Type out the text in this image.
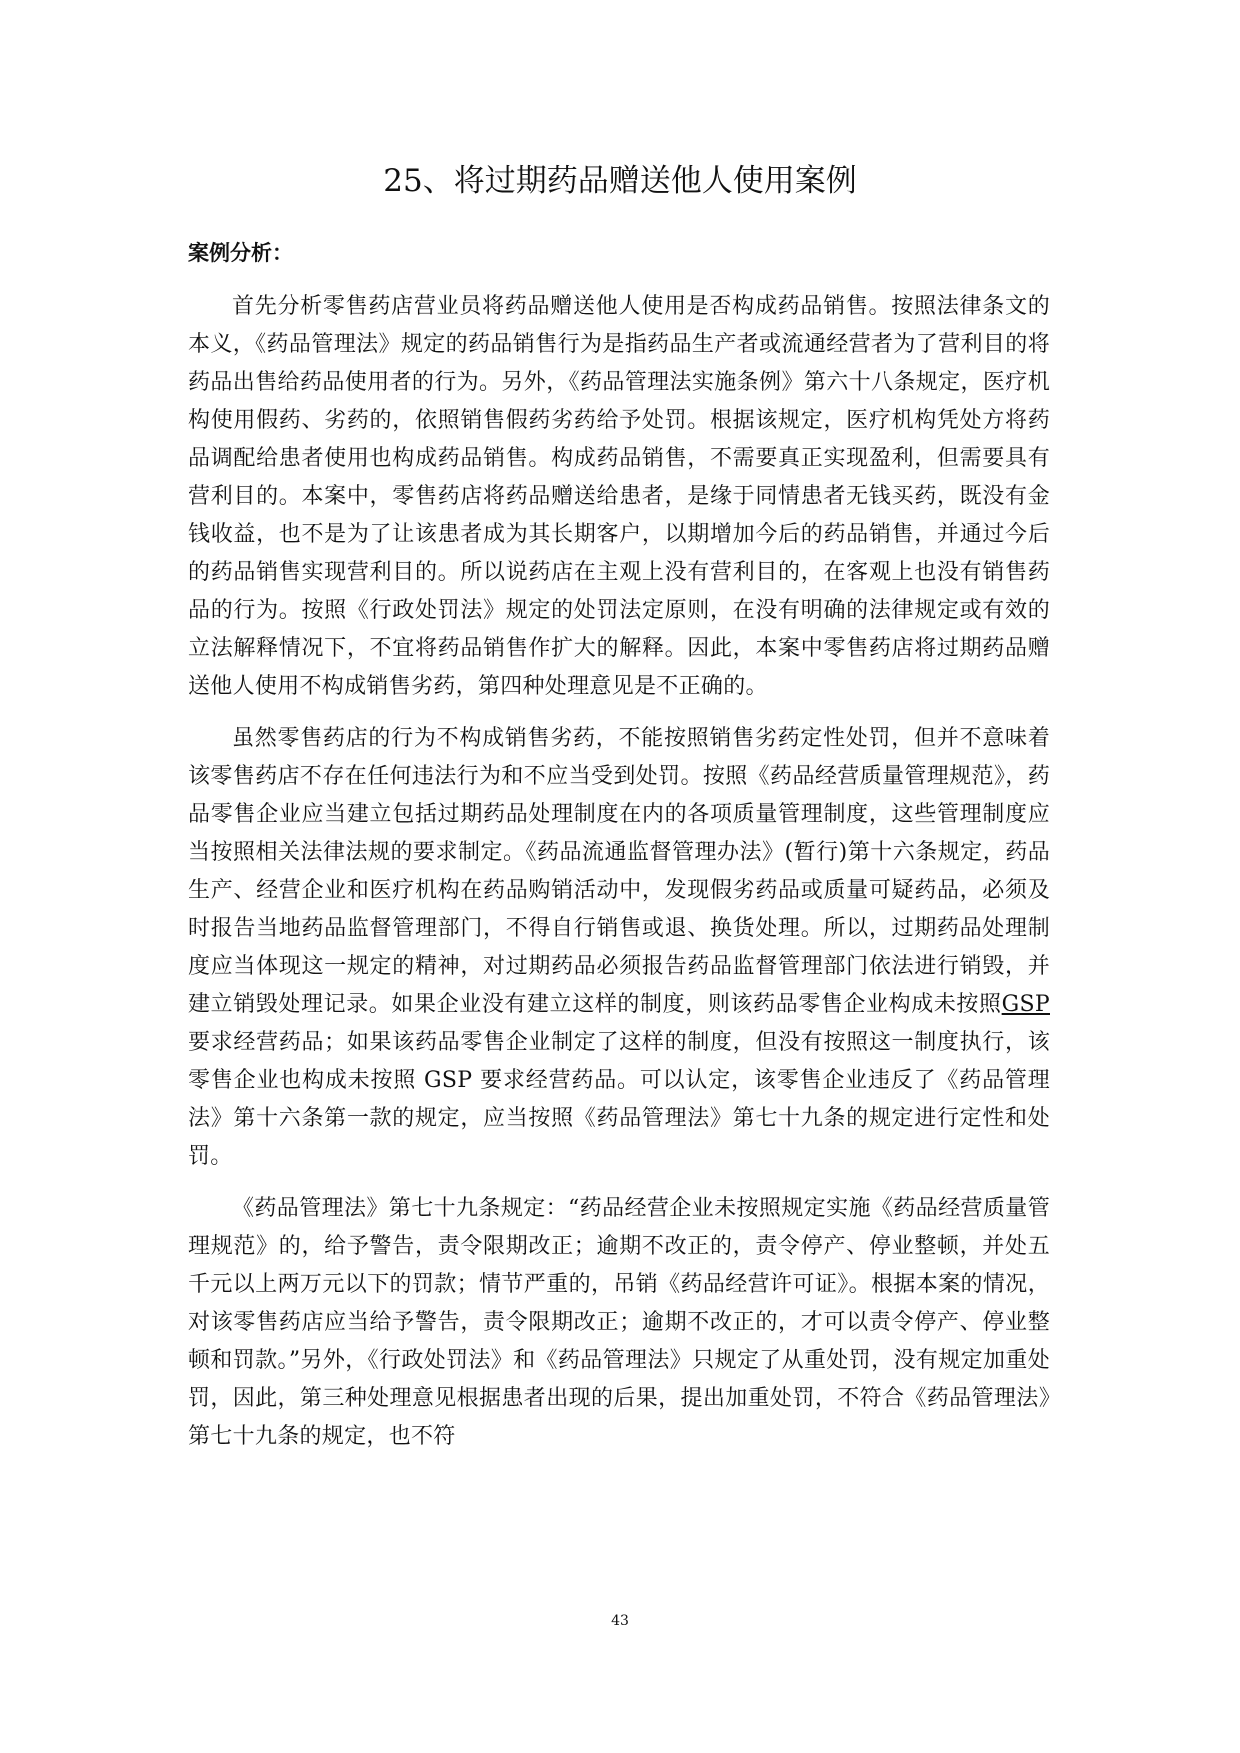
25、将过期药品赠送他人使用案例
案例分析：

首先分析零售药店营业员将药品赠送他人使用是否构成药品销售。按照法律条文的本义，《药品管理法》规定的药品销售行为是指药品生产者或流通经营者为了营利目的将药品出售给药品使用者的行为。另外，《药品管理法实施条例》第六十八条规定，医疗机构使用假药、劣药的，依照销售假药劣药给予处罚。根据该规定，医疗机构凭处方将药品调配给患者使用也构成药品销售。构成药品销售，不需要真正实现盈利，但需要具有营利目的。本案中，零售药店将药品赠送给患者，是缘于同情患者无钱买药，既没有金钱收益，也不是为了让该患者成为其长期客户，以期增加今后的药品销售，并通过今后的药品销售实现营利目的。所以说药店在主观上没有营利目的，在客观上也没有销售药品的行为。按照《行政处罚法》规定的处罚法定原则，在没有明确的法律规定或有效的立法解释情况下，不宜将药品销售作扩大的解释。因此，本案中零售药店将过期药品赠送他人使用不构成销售劣药，第四种处理意见是不正确的。

虽然零售药店的行为不构成销售劣药，不能按照销售劣药定性处罚，但并不意味着该零售药店不存在任何违法行为和不应当受到处罚。按照《药品经营质量管理规范》，药品零售企业应当建立包括过期药品处理制度在内的各项质量管理制度，这些管理制度应当按照相关法律法规的要求制定。《药品流通监督管理办法》(暂行)第十六条规定，药品生产、经营企业和医疗机构在药品购销活动中，发现假劣药品或质量可疑药品，必须及时报告当地药品监督管理部门，不得自行销售或退、换货处理。所以，过期药品处理制度应当体现这一规定的精神，对过期药品必须报告药品监督管理部门依法进行销毁，并建立销毁处理记录。如果企业没有建立这样的制度，则该药品零售企业构成未按照GSP 要求经营药品；如果该药品零售企业制定了这样的制度，但没有按照这一制度执行，该零售企业也构成未按照 GSP 要求经营药品。可以认定，该零售企业违反了《药品管理法》第十六条第一款的规定，应当按照《药品管理法》第七十九条的规定进行定性和处罚。

《药品管理法》第七十九条规定：“药品经营企业未按照规定实施《药品经营质量管理规范》的，给予警告，责令限期改正；逾期不改正的，责令停产、停业整顿，并处五千元以上两万元以下的罚款；情节严重的，吊销《药品经营许可证》。根据本案的情况，对该零售药店应当给予警告，责令限期改正；逾期不改正的，才可以责令停产、停业整顿和罚款。”另外，《行政处罚法》和《药品管理法》只规定了从重处罚，没有规定加重处罚，因此，第三种处理意见根据患者出现的后果，提出加重处罚，不符合《药品管理法》第七十九条的规定，也不符

43
